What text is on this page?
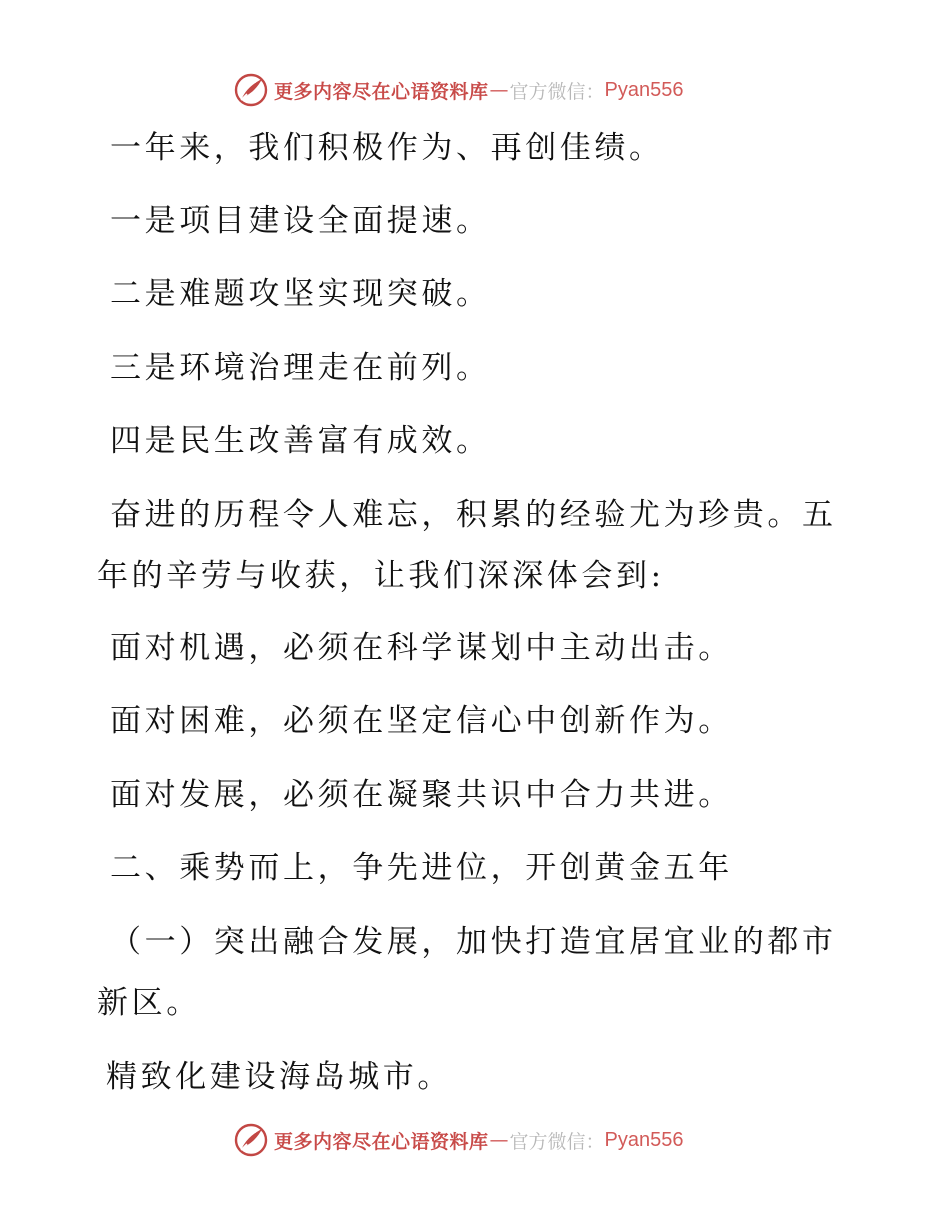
更多内容尽在心语资料库 — 官方微信： Pyan556
一年来，我们积极作为、再创佳绩。
一是项目建设全面提速。
二是难题攻坚实现突破。
三是环境治理走在前列。
四是民生改善富有成效。
奋进的历程令人难忘，积累的经验尤为珍贵。五
年的辛劳与收获，让我们深深体会到:
面对机遇，必须在科学谋划中主动出击。
面对困难，必须在坚定信心中创新作为。
面对发展，必须在凝聚共识中合力共进。
二、乘势而上，争先进位，开创黄金五年
（一）突出融合发展，加快打造宜居宜业的都市
新区。
精致化建设海岛城市。
更多内容尽在心语资料库 — 官方微信： Pyan556
